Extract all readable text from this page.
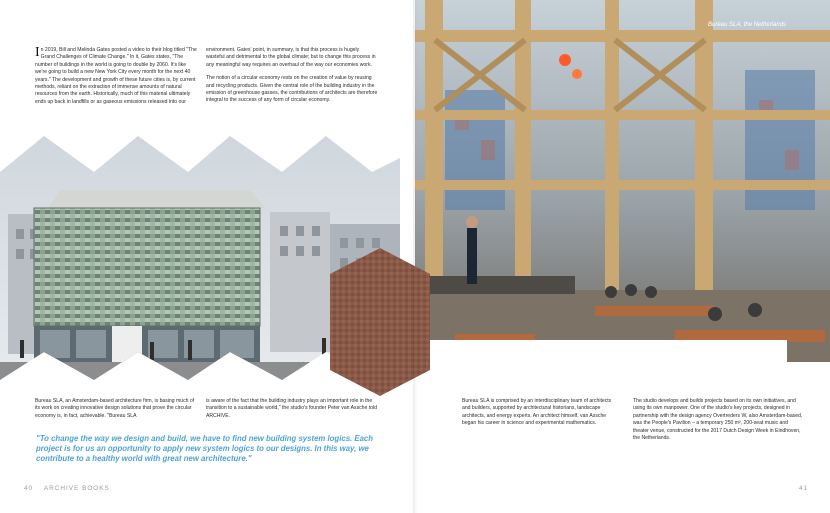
In 2019, Bill and Melinda Gates posted a video to their blog titled "The Grand Challenges of Climate Change." In it, Gates states, "The number of buildings in the world is going to double by 2060. It's like we're going to build a new New York City every month for the next 40 years." The development and growth of these future cities is, by current methods, reliant on the extraction of immense amounts of natural resources from the earth. Historically, much of this material ultimately ends up back in landfills or as gaseous emissions released into our

environment. Gates' point, in summary, is that this process is hugely wasteful and detrimental to the global climate; but to change this process in any meaningful way requires an overhaul of the way our economies work.

The notion of a circular economy rests on the creation of value by reusing and recycling products. Given the central role of the building industry in the emission of greenhouse gasses, the contributions of architects are therefore integral to the success of any form of circular economy.

Bureau SLA, an Amsterdam-based architecture firm, is basing much of its work on creating innovative design solutions that prove the circular economy is, in fact, achievable. "Bureau SLA

is aware of the fact that the building industry plays an important role in the transition to a sustainable world," the studio's founder Peter van Assche told ARCHIVE.

"To change the way we design and build, we have to find new building system logics. Each project is for us an opportunity to apply new system logics to our designs. In this way, we contribute to a healthy world with great new architecture."
40 ARCHIVE BOOKS
Bureau SLA, the Netherlands

Bureau SLA is comprised by an interdisciplinary team of architects and builders, supported by architectural historians, landscape architects, and energy experts. An architect himself, van Assche began his career in science and experimental mathematics.

The studio develops and builds projects based on its own initiatives, and using its own manpower. One of the studio's key projects, designed in partnership with the design agency Overtreders W, also Amsterdam-based, was the People's Pavilion – a temporary 250 m², 200-seat music and theater venue, constructed for the 2017 Dutch Design Week in Eindhoven, the Netherlands.

41
